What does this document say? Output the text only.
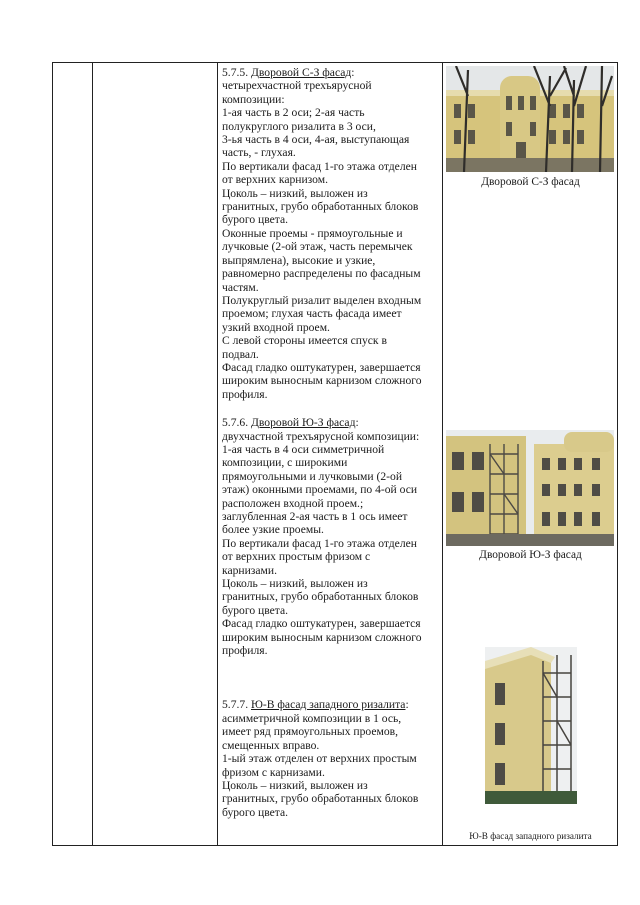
5.7.5. Дворовой С-З фасад:

четырехчастной трехъярусной

композиции:

1-ая часть в 2 оси; 2-ая часть

полукруглого ризалита в 3 оси,

3-ья часть в 4 оси, 4-ая, выступающая

часть, - глухая.

По вертикали фасад 1-го этажа отделен

от верхних карнизом.

Цоколь – низкий, выложен из

гранитных, грубо обработанных блоков

бурого цвета.

Оконные проемы - прямоугольные и

лучковые (2-ой этаж, часть перемычек

выпрямлена), высокие и узкие,

равномерно распределены по фасадным

частям.

Полукруглый ризалит выделен входным

проемом; глухая часть фасада имеет

узкий входной проем.

С левой стороны имеется спуск в

подвал.

Фасад гладко оштукатурен, завершается

широким выносным карнизом сложного

профиля.

5.7.6. Дворовой Ю-З фасад:

двухчастной трехъярусной композиции:

1-ая часть в 4 оси симметричной

композиции, с широкими

прямоугольными и лучковыми (2-ой

этаж) оконными проемами, по 4-ой оси

расположен входной проем.;

заглубленная 2-ая часть в 1 ось имеет

более узкие проемы.

По вертикали фасад 1-го этажа отделен

от верхних простым фризом с

карнизами.

Цоколь – низкий, выложен из

гранитных, грубо обработанных блоков

бурого цвета.

Фасад гладко оштукатурен, завершается

широким выносным карнизом сложного

профиля.

5.7.7. Ю-В фасад западного ризалита:

асимметричной композиции в 1 ось,

имеет ряд прямоугольных проемов,

смещенных вправо.

1-ый этаж отделен от верхних простым

фризом с карнизами.

Цоколь – низкий, выложен из

гранитных, грубо обработанных блоков

бурого цвета.

Дворовой С-З фасад
Дворовой Ю-З фасад
Ю-В фасад западного ризалита
